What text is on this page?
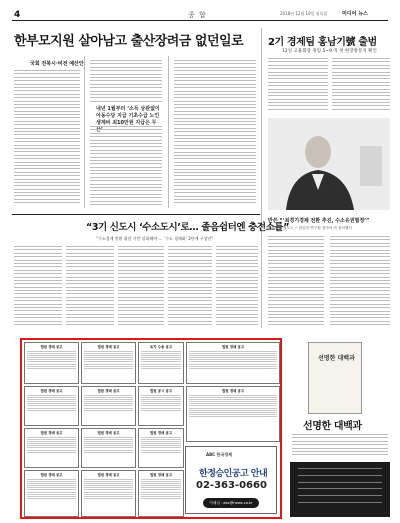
4	종 합	2018년 12월 19일 월요일	미디어 뉴스
한부모지원 살아남고 출산장려금 없던일로 2기 경제팀 홍남기號 출범
12일 고용회장 취임 5~9 직 첫 현장방문지 확인
국회 전북시·비전 예산안
내년 1월부터 ‘소득 상관없이 아동수당 지급 기초수급 노인 생계비 최10만원 지급은 무
반쓴 “‘최경기경제 전환 추진, 수소유권협정’”
에이피에 집도도 ~ 함업지 연구원 참가의 번 참석했다
“3기 신도시 ‘수소도시’로… 졸음쉼터엔 충전소를”
“수소경제 전환 위한 기반 강화해야 … ‘수소 경제화’ 2단계 구상안”
법원 경매 공고	법원 경매 공고	토지 수용 공고	법원 경매 공고
법원 경매 공고	법원 경매 공고	법원 공시 공고	법원 경매 공고
법원 경매 공고	법원 경매 공고	법원 경매 공고
법원 경매 공고	법원 경매 공고	법원 경매 공고
ABC 한국경제
한정승인공고 안내
02-363-0660
이메일 : abc@news.co.kr
선명한 대백과
선명한 대백과
